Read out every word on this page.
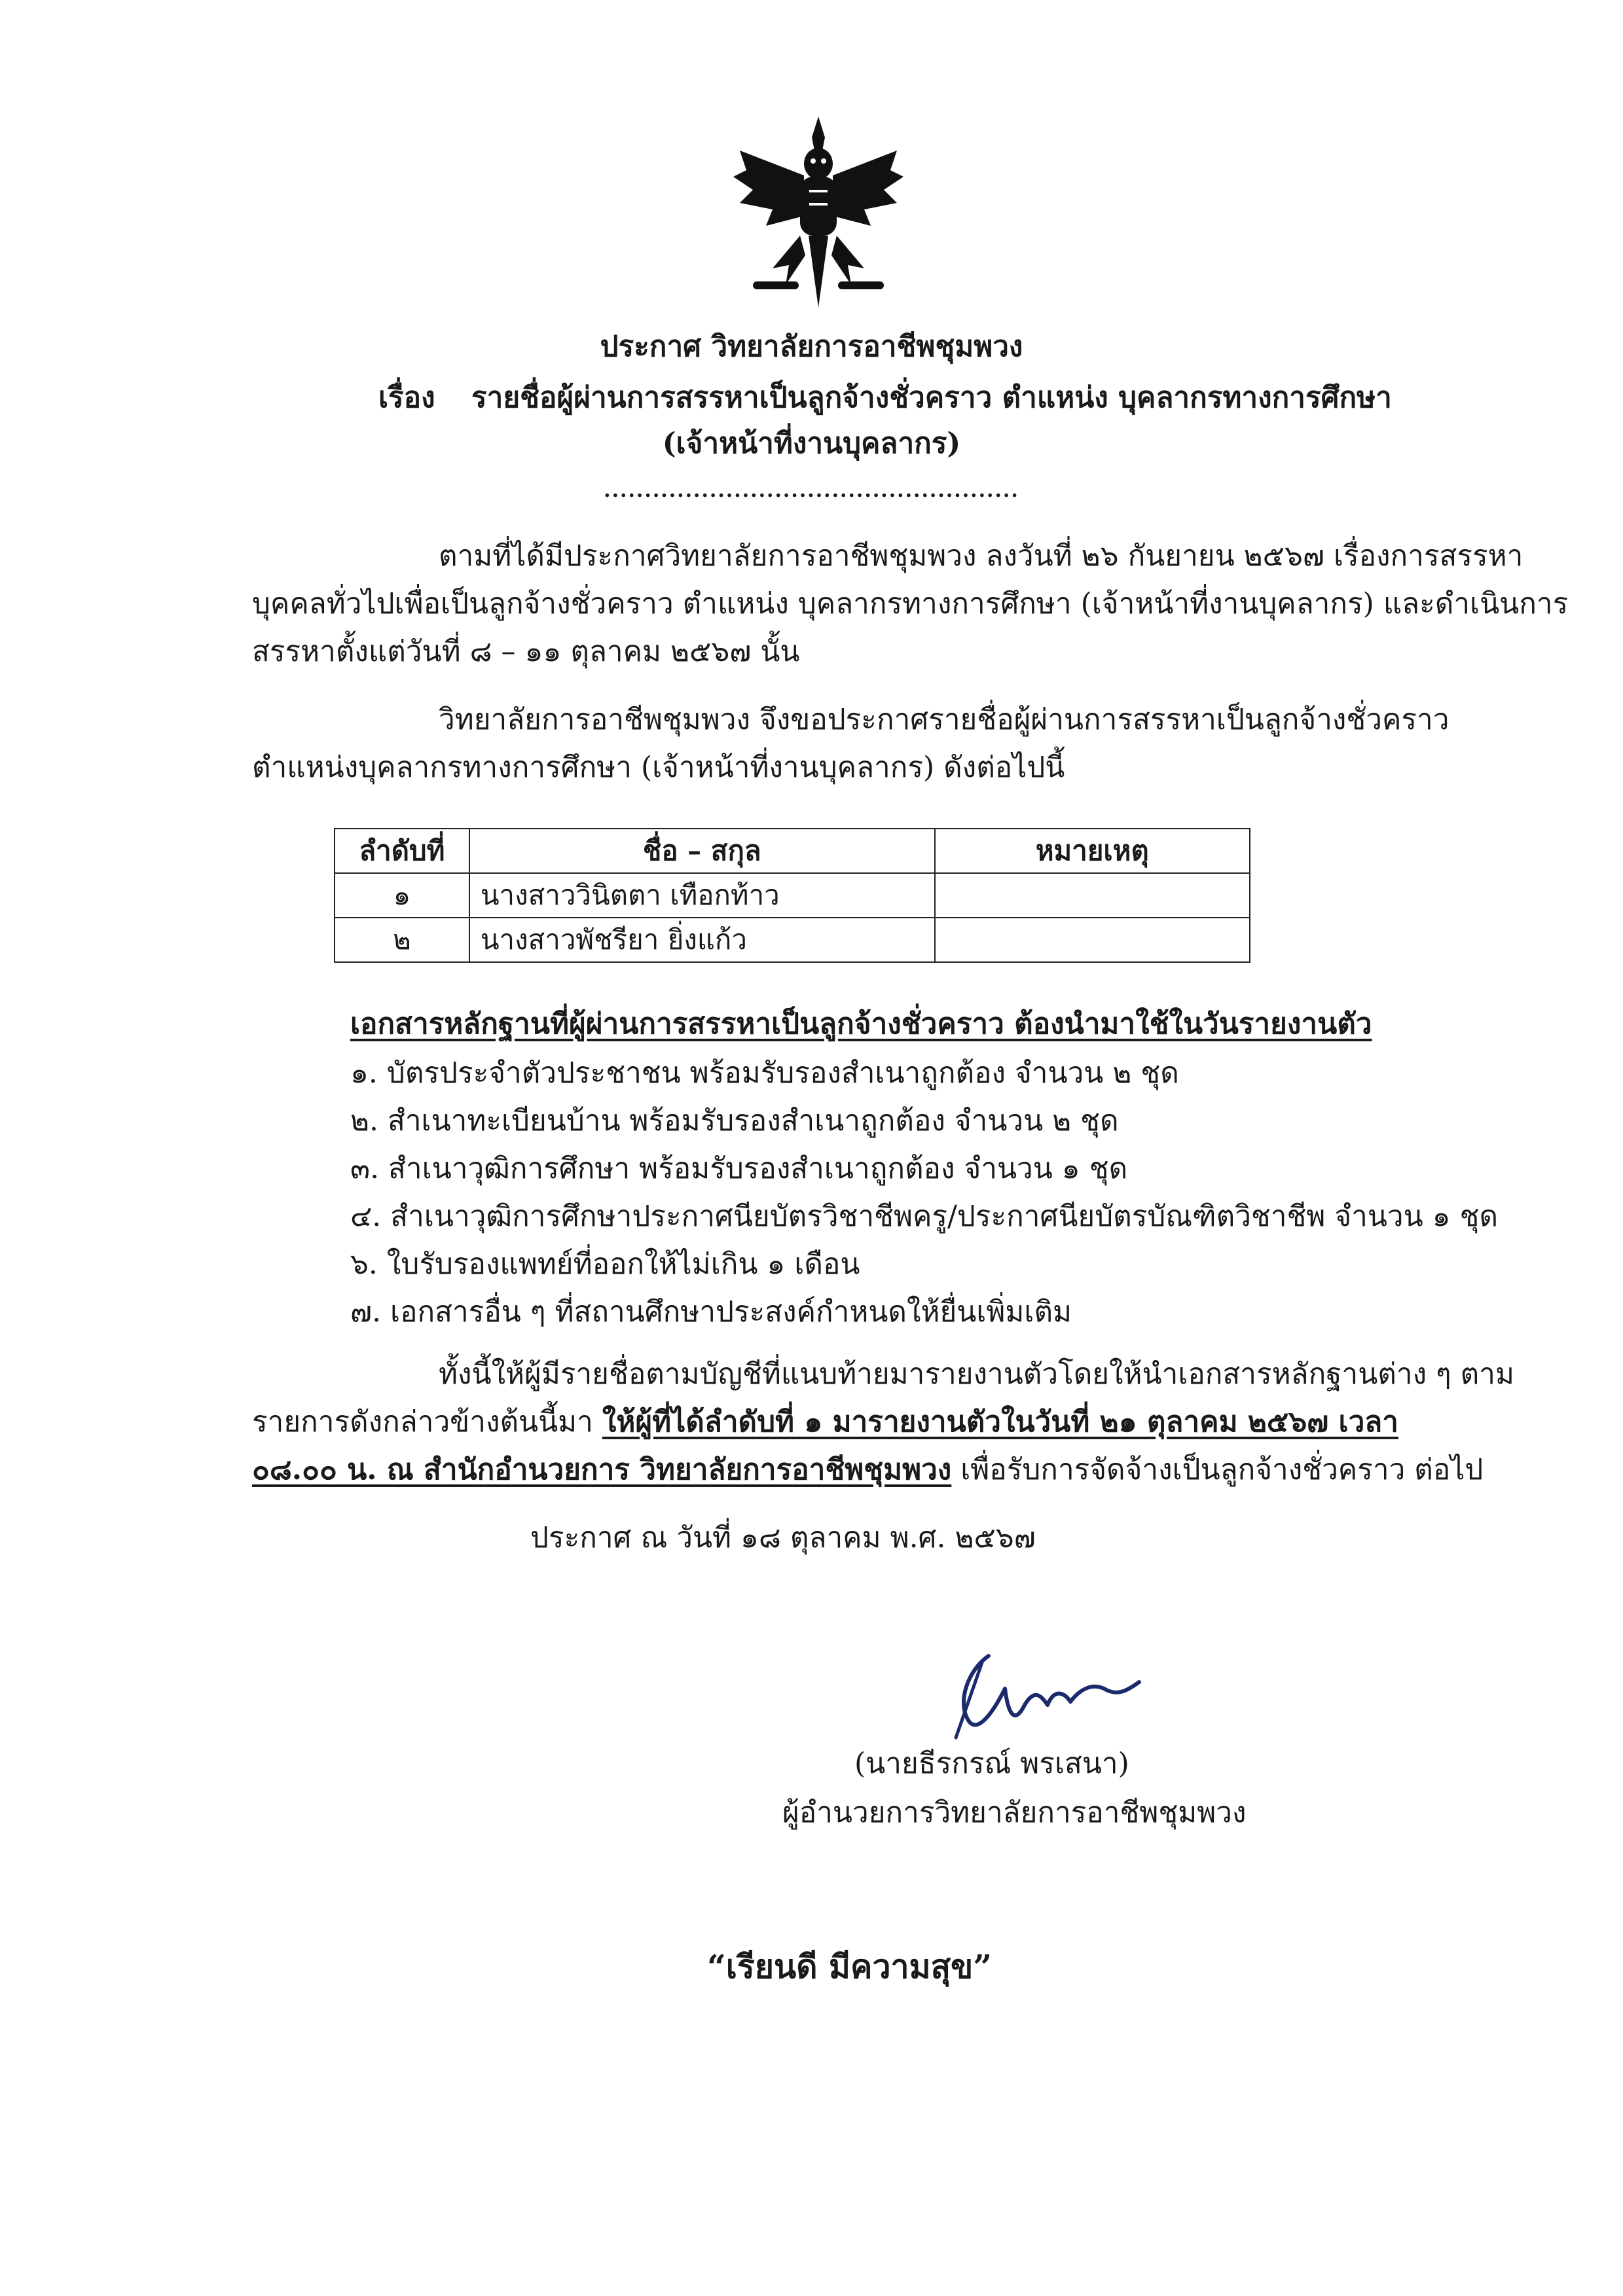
ประกาศ วิทยาลัยการอาชีพชุมพวง
เรื่อง รายชื่อผู้ผ่านการสรรหาเป็นลูกจ้างชั่วคราว ตำแหน่ง บุคลากรทางการศึกษา
(เจ้าหน้าที่งานบุคลากร)
...................................................
ตามที่ได้มีประกาศวิทยาลัยการอาชีพชุมพวง ลงวันที่ ๒๖ กันยายน ๒๕๖๗ เรื่องการสรรหา
บุคคลทั่วไปเพื่อเป็นลูกจ้างชั่วคราว ตำแหน่ง บุคลากรทางการศึกษา (เจ้าหน้าที่งานบุคลากร) และดำเนินการ
สรรหาตั้งแต่วันที่ ๘ – ๑๑ ตุลาคม ๒๕๖๗ นั้น
วิทยาลัยการอาชีพชุมพวง จึงขอประกาศรายชื่อผู้ผ่านการสรรหาเป็นลูกจ้างชั่วคราว
ตำแหน่งบุคลากรทางการศึกษา (เจ้าหน้าที่งานบุคลากร) ดังต่อไปนี้
ลำดับที่	ชื่อ – สกุล	หมายเหตุ
๑	นางสาววินิตตา เทือกท้าว	
๒	นางสาวพัชรียา ยิ่งแก้ว	
เอกสารหลักฐานที่ผู้ผ่านการสรรหาเป็นลูกจ้างชั่วคราว ต้องนำมาใช้ในวันรายงานตัว
๑. บัตรประจำตัวประชาชน พร้อมรับรองสำเนาถูกต้อง จำนวน ๒ ชุด
๒. สำเนาทะเบียนบ้าน พร้อมรับรองสำเนาถูกต้อง จำนวน ๒ ชุด
๓. สำเนาวุฒิการศึกษา พร้อมรับรองสำเนาถูกต้อง จำนวน ๑ ชุด
๔. สำเนาวุฒิการศึกษาประกาศนียบัตรวิชาชีพครู/ประกาศนียบัตรบัณฑิตวิชาชีพ จำนวน ๑ ชุด
๖. ใบรับรองแพทย์ที่ออกให้ไม่เกิน ๑ เดือน
๗. เอกสารอื่น ๆ ที่สถานศึกษาประสงค์กำหนดให้ยื่นเพิ่มเติม
ทั้งนี้ให้ผู้มีรายชื่อตามบัญชีที่แนบท้ายมารายงานตัวโดยให้นำเอกสารหลักฐานต่าง ๆ ตาม
รายการดังกล่าวข้างต้นนี้มา ให้ผู้ที่ได้ลำดับที่ ๑ มารายงานตัวในวันที่ ๒๑ ตุลาคม ๒๕๖๗ เวลา
๐๘.๐๐ น. ณ สำนักอำนวยการ วิทยาลัยการอาชีพชุมพวง เพื่อรับการจัดจ้างเป็นลูกจ้างชั่วคราว ต่อไป
ประกาศ ณ วันที่ ๑๘ ตุลาคม พ.ศ. ๒๕๖๗
(นายธีรกรณ์ พรเสนา)
ผู้อำนวยการวิทยาลัยการอาชีพชุมพวง
“เรียนดี มีความสุข”
